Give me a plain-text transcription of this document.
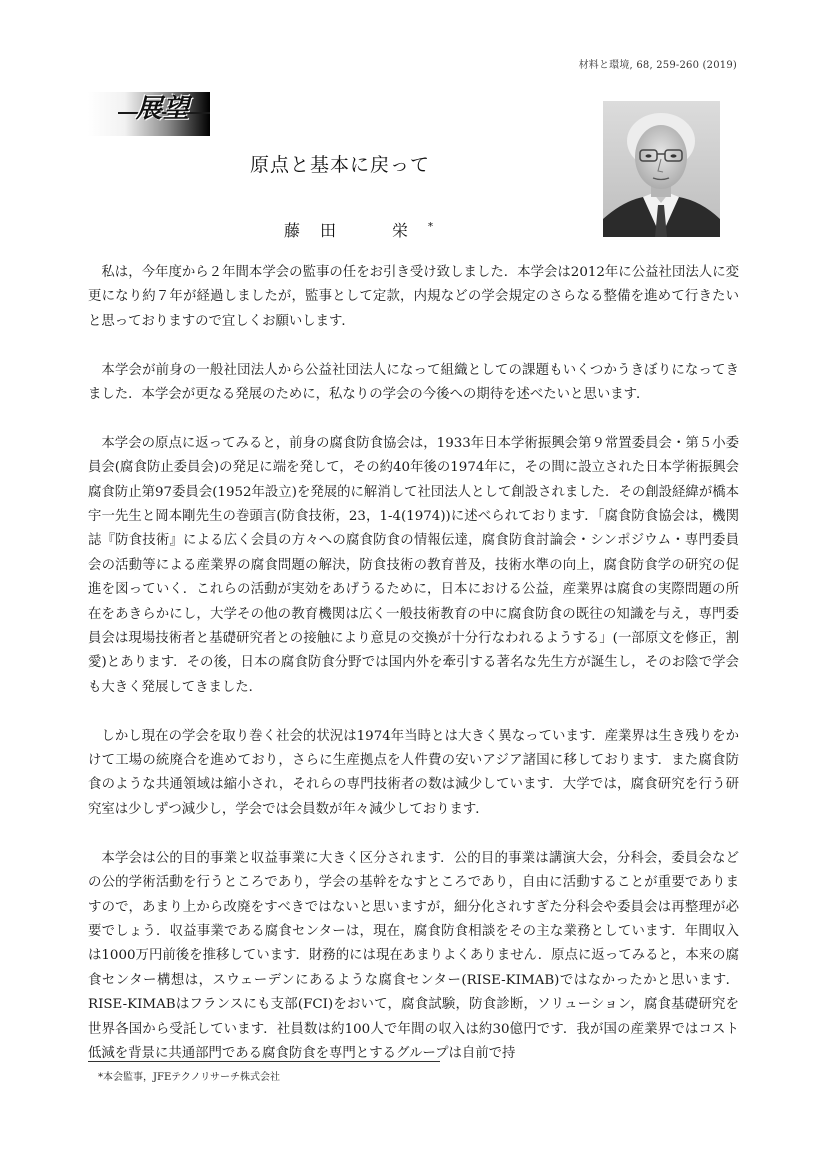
材料と環境, 68, 259-260 (2019)
展望
原点と基本に戻って
藤田　栄*

私は，今年度から２年間本学会の監事の任をお引き受け致しました．本学会は2012年に公益社団法人に変更になり約７年が経過しましたが，監事として定款，内規などの学会規定のさらなる整備を進めて行きたいと思っておりますので宜しくお願いします．

本学会が前身の一般社団法人から公益社団法人になって組織としての課題もいくつかうきぼりになってきました．本学会が更なる発展のために，私なりの学会の今後への期待を述べたいと思います．

本学会の原点に返ってみると，前身の腐食防食協会は，1933年日本学術振興会第９常置委員会・第５小委員会(腐食防止委員会)の発足に端を発して，その約40年後の1974年に，その間に設立された日本学術振興会腐食防止第97委員会(1952年設立)を発展的に解消して社団法人として創設されました．その創設経緯が橋本宇一先生と岡本剛先生の巻頭言(防食技術，23，1-4(1974))に述べられております．「腐食防食協会は，機関誌『防食技術』による広く会員の方々への腐食防食の情報伝達，腐食防食討論会・シンポジウム・専門委員会の活動等による産業界の腐食問題の解決，防食技術の教育普及，技術水準の向上，腐食防食学の研究の促進を図っていく．これらの活動が実効をあげうるために，日本における公益，産業界は腐食の実際問題の所在をあきらかにし，大学その他の教育機関は広く一般技術教育の中に腐食防食の既往の知識を与え，専門委員会は現場技術者と基礎研究者との接触により意見の交換が十分行なわれるようする」(一部原文を修正，割愛)とあります．その後，日本の腐食防食分野では国内外を牽引する著名な先生方が誕生し，そのお陰で学会も大きく発展してきました．

しかし現在の学会を取り巻く社会的状況は1974年当時とは大きく異なっています．産業界は生き残りをかけて工場の統廃合を進めており，さらに生産拠点を人件費の安いアジア諸国に移しております．また腐食防食のような共通領域は縮小され，それらの専門技術者の数は減少しています．大学では，腐食研究を行う研究室は少しずつ減少し，学会では会員数が年々減少しております．

本学会は公的目的事業と収益事業に大きく区分されます．公的目的事業は講演大会，分科会，委員会などの公的学術活動を行うところであり，学会の基幹をなすところであり，自由に活動することが重要でありますので，あまり上から改廃をすべきではないと思いますが，細分化されすぎた分科会や委員会は再整理が必要でしょう．収益事業である腐食センターは，現在，腐食防食相談をその主な業務としています．年間収入は1000万円前後を推移しています．財務的には現在あまりよくありません．原点に返ってみると，本来の腐食センター構想は，スウェーデンにあるような腐食センター(RISE-KIMAB)ではなかったかと思います．RISE-KIMABはフランスにも支部(FCI)をおいて，腐食試験，防食診断，ソリューション，腐食基礎研究を世界各国から受託しています．社員数は約100人で年間の収入は約30億円です．我が国の産業界ではコスト低減を背景に共通部門である腐食防食を専門とするグループは自前で持

*本会監事，JFEテクノリサーチ株式会社
